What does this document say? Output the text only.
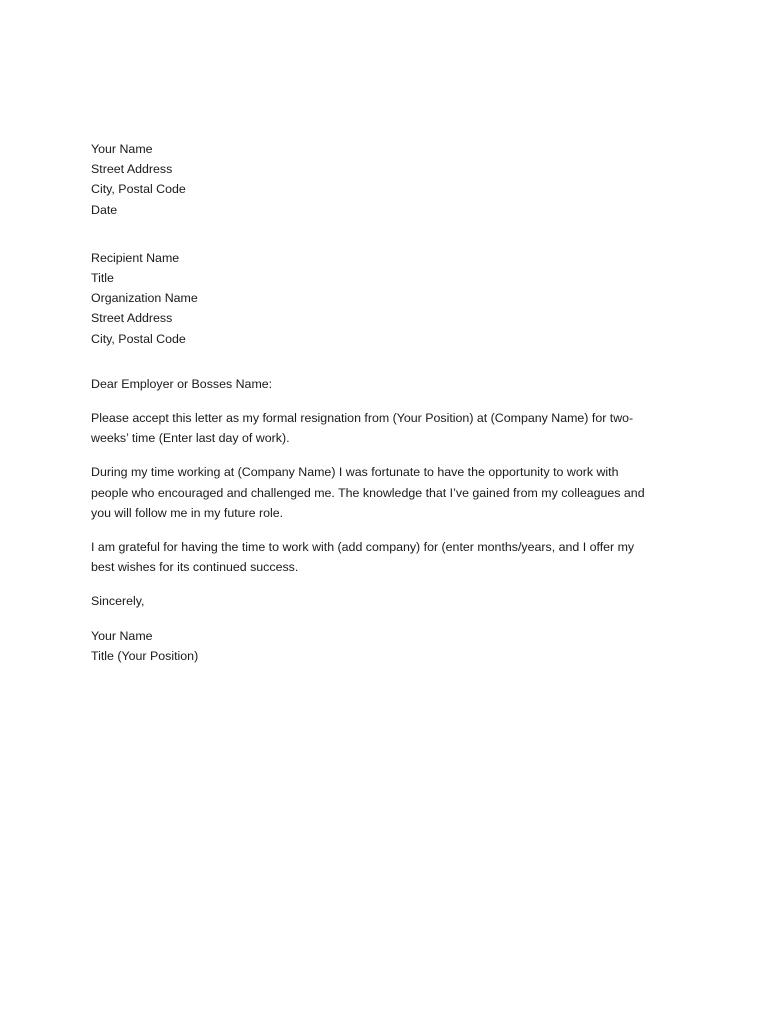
Your Name
Street Address
City, Postal Code
Date
Recipient Name
Title
Organization Name
Street Address
City, Postal Code
Dear Employer or Bosses Name:
Please accept this letter as my formal resignation from (Your Position) at (Company Name) for two-
weeks’ time (Enter last day of work).
During my time working at (Company Name) I was fortunate to have the opportunity to work with
people who encouraged and challenged me. The knowledge that I’ve gained from my colleagues and
you will follow me in my future role.
I am grateful for having the time to work with (add company) for (enter months/years, and I offer my
best wishes for its continued success.
Sincerely,
Your Name
Title (Your Position)
